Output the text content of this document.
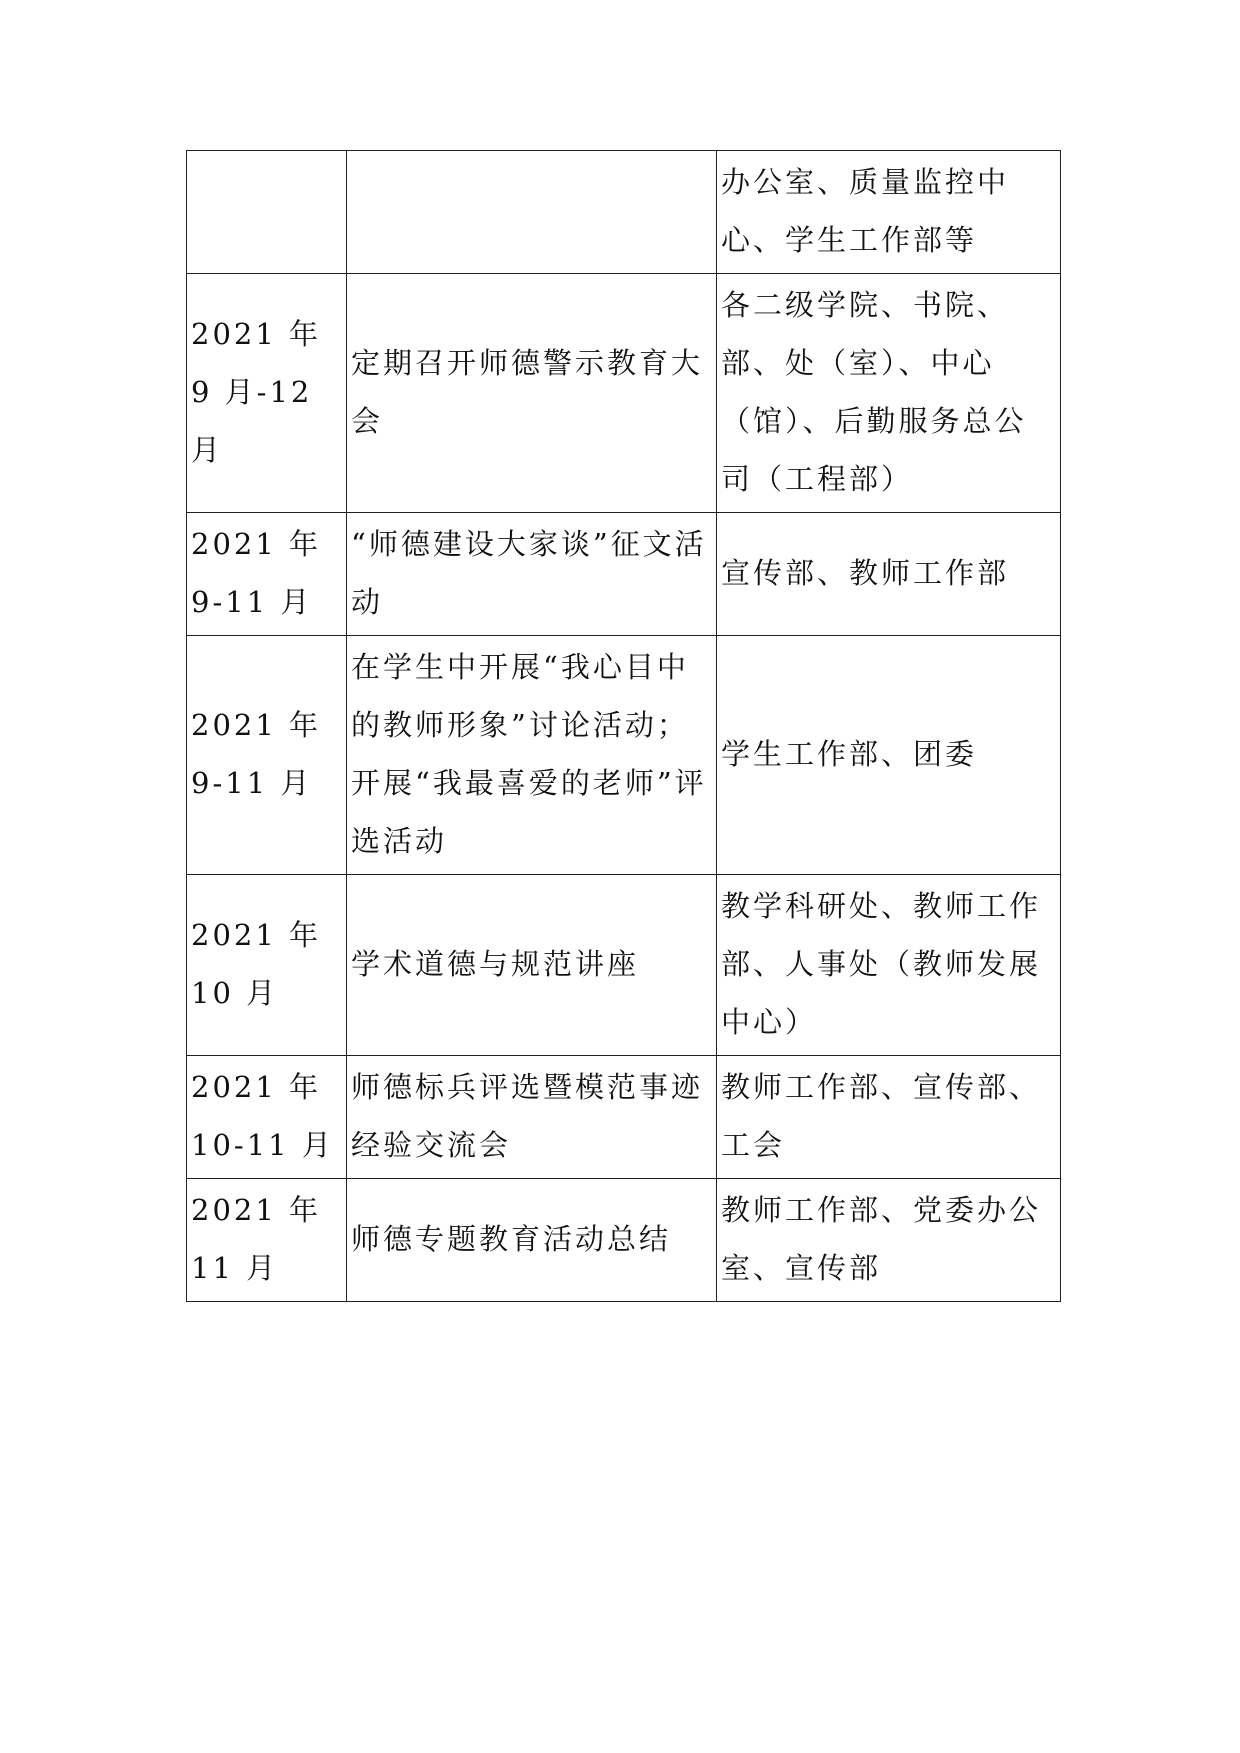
		办公室、质量监控中心、学生工作部等

2021 年 9 月-12 月	定期召开师德警示教育大会	各二级学院、书院、部、处（室）、中心（馆）、后勤服务总公司（工程部）

2021 年
9-11 月	“师德建设大家谈”征文活动	宣传部、教师工作部

2021 年
9-11 月	在学生中开展“我心目中的教师形象”讨论活动；开展“我最喜爱的老师”评选活动	学生工作部、团委

2021 年 10 月	学术道德与规范讲座	教学科研处、教师工作部、人事处（教师发展中心）

2021 年
10-11 月	师德标兵评选暨模范事迹经验交流会	教师工作部、宣传部、工会

2021 年 11 月	师德专题教育活动总结	教师工作部、党委办公室、宣传部
